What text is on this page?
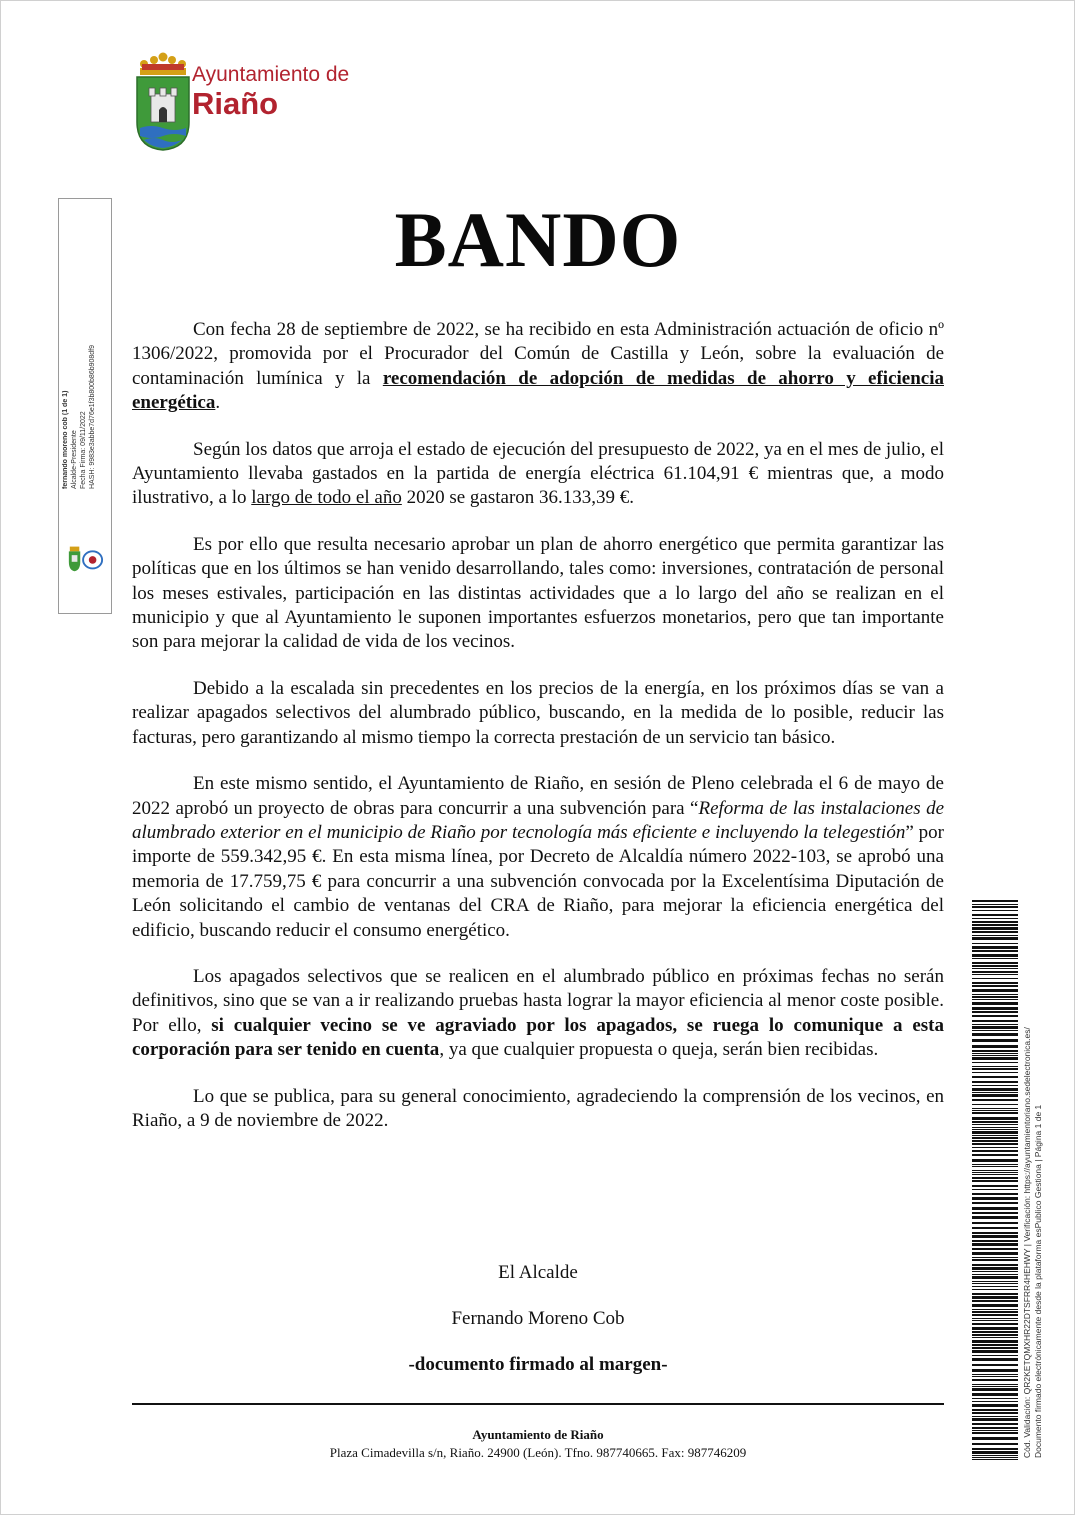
Ayuntamiento de
Riaño
fernando moreno cob (1 de 1) Alcalde-Presidente Fecha Firma: 09/11/2022 HASH: 9983e3abbe7d76e1f3b800b86b908df9
BANDO

Con fecha 28 de septiembre de 2022, se ha recibido en esta Administración actuación de oficio nº 1306/2022, promovida por el Procurador del Común de Castilla y León, sobre la evaluación de contaminación lumínica y la recomendación de adopción de medidas de ahorro y eficiencia energética.

Según los datos que arroja el estado de ejecución del presupuesto de 2022, ya en el mes de julio, el Ayuntamiento llevaba gastados en la partida de energía eléctrica 61.104,91 € mientras que, a modo ilustrativo, a lo largo de todo el año 2020 se gastaron 36.133,39 €.

Es por ello que resulta necesario aprobar un plan de ahorro energético que permita garantizar las políticas que en los últimos se han venido desarrollando, tales como: inversiones, contratación de personal los meses estivales, participación en las distintas actividades que a lo largo del año se realizan en el municipio y que al Ayuntamiento le suponen importantes esfuerzos monetarios, pero que tan importante son para mejorar la calidad de vida de los vecinos.

Debido a la escalada sin precedentes en los precios de la energía, en los próximos días se van a realizar apagados selectivos del alumbrado público, buscando, en la medida de lo posible, reducir las facturas, pero garantizando al mismo tiempo la correcta prestación de un servicio tan básico.

En este mismo sentido, el Ayuntamiento de Riaño, en sesión de Pleno celebrada el 6 de mayo de 2022 aprobó un proyecto de obras para concurrir a una subvención para “Reforma de las instalaciones de alumbrado exterior en el municipio de Riaño por tecnología más eficiente e incluyendo la telegestión” por importe de 559.342,95 €. En esta misma línea, por Decreto de Alcaldía número 2022-103, se aprobó una memoria de 17.759,75 € para concurrir a una subvención convocada por la Excelentísima Diputación de León solicitando el cambio de ventanas del CRA de Riaño, para mejorar la eficiencia energética del edificio, buscando reducir el consumo energético.

Los apagados selectivos que se realicen en el alumbrado público en próximas fechas no serán definitivos, sino que se van a ir realizando pruebas hasta lograr la mayor eficiencia al menor coste posible. Por ello, si cualquier vecino se ve agraviado por los apagados, se ruega lo comunique a esta corporación para ser tenido en cuenta, ya que cualquier propuesta o queja, serán bien recibidas.

Lo que se publica, para su general conocimiento, agradeciendo la comprensión de los vecinos, en Riaño, a 9 de noviembre de 2022.

El Alcalde
Fernando Moreno Cob
-documento firmado al margen-
Ayuntamiento de Riaño
Plaza Cimadevilla s/n, Riaño. 24900 (León). Tfno. 987740665. Fax: 987746209	Cód. Validación: QR2KETQMXHR22DTSFRR4HEHWY | Verificación: https://ayuntamientoriano.sedelectronica.es/ Documento firmado electrónicamente desde la plataforma esPublico Gestiona | Página 1 de 1
